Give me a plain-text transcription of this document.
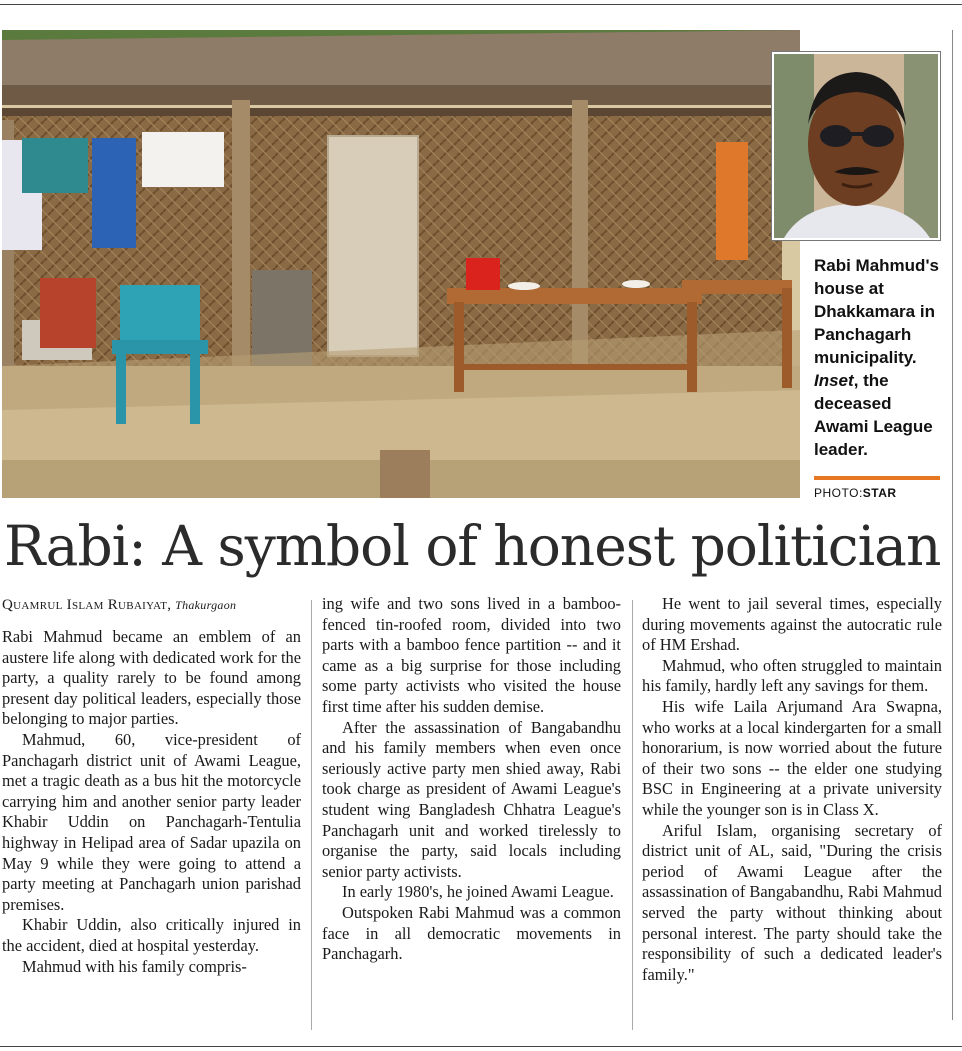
Rabi Mahmud's house at Dhakkamara in Panchagarh municipality. Inset, the deceased Awami League leader.
PHOTO:STAR
Rabi: A symbol of honest politician
Quamrul Islam Rubaiyat, Thakurgaon

Rabi Mahmud became an emblem of an austere life along with dedicated work for the party, a quality rarely to be found among present day political leaders, especially those belonging to major parties.

Mahmud, 60, vice-president of Panchagarh district unit of Awami League, met a tragic death as a bus hit the motorcycle carrying him and another senior party leader Khabir Uddin on Panchagarh-Tentulia highway in Helipad area of Sadar upazila on May 9 while they were going to attend a party meeting at Panchagarh union parishad premises.

Khabir Uddin, also critically injured in the accident, died at hospital yesterday.

Mahmud with his family compris-

ing wife and two sons lived in a bamboo-fenced tin-roofed room, divided into two parts with a bamboo fence partition -- and it came as a big surprise for those including some party activists who visited the house first time after his sudden demise.

After the assassination of Bangabandhu and his family members when even once seriously active party men shied away, Rabi took charge as president of Awami League's student wing Bangladesh Chhatra League's Panchagarh unit and worked tirelessly to organise the party, said locals including senior party activists.

In early 1980's, he joined Awami League.

Outspoken Rabi Mahmud was a common face in all democratic movements in Panchagarh.

He went to jail several times, especially during movements against the autocratic rule of HM Ershad.

Mahmud, who often struggled to maintain his family, hardly left any savings for them.

His wife Laila Arjumand Ara Swapna, who works at a local kindergarten for a small honorarium, is now worried about the future of their two sons -- the elder one studying BSC in Engineering at a private university while the younger son is in Class X.

Ariful Islam, organising secretary of district unit of AL, said, "During the crisis period of Awami League after the assassination of Bangabandhu, Rabi Mahmud served the party without thinking about personal interest. The party should take the responsibility of such a dedicated leader's family."
